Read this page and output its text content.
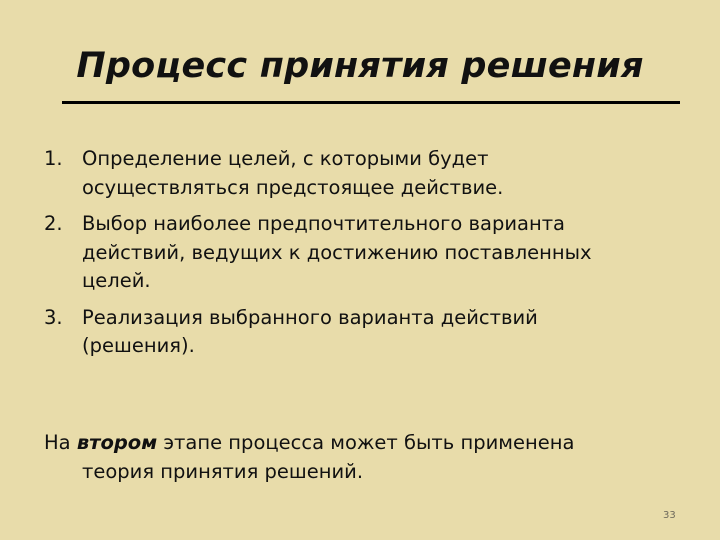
Процесс принятия решения
1. Определение целей, с которыми будет
осуществляться предстоящее действие.
2. Выбор наиболее предпочтительного варианта
действий, ведущих к достижению поставленных
целей.
3. Реализация выбранного варианта действий
(решения).
На втором этапе процесса может быть применена
теория принятия решений.
33
